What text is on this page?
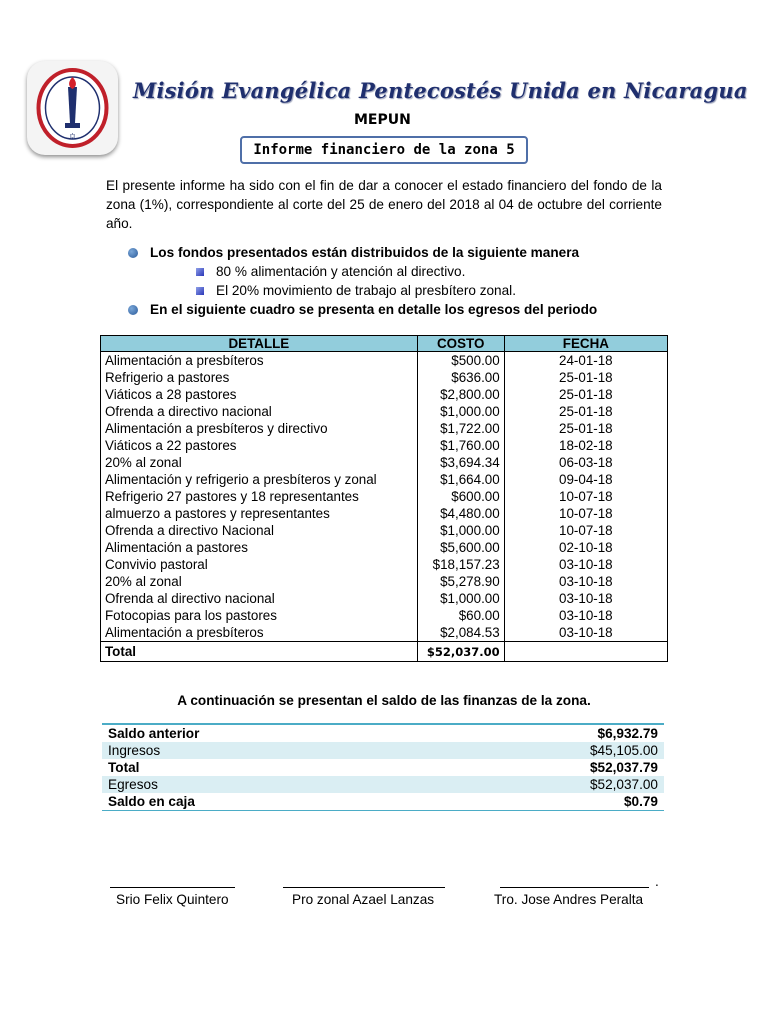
Misión Evangélica Pentecostés Unida en Nicaragua
MEPUN
Informe financiero de la zona 5
El presente informe ha sido con el fin de dar a conocer el estado financiero del fondo de la zona (1%), correspondiente al corte del 25 de enero del 2018 al 04 de octubre del corriente año.
Los fondos presentados están distribuidos de la siguiente manera
80 % alimentación y atención al directivo.
El 20% movimiento de trabajo al presbítero zonal.
En el siguiente cuadro se presenta en detalle los egresos del periodo
DETALLE	COSTO	FECHA
Alimentación a presbíteros	$500.00	24-01-18
Refrigerio a pastores	$636.00	25-01-18
Viáticos a 28 pastores	$2,800.00	25-01-18
Ofrenda a directivo nacional	$1,000.00	25-01-18
Alimentación a presbíteros y directivo	$1,722.00	25-01-18
Viáticos a 22 pastores	$1,760.00	18-02-18
20% al zonal	$3,694.34	06-03-18
Alimentación y refrigerio a presbíteros y zonal	$1,664.00	09-04-18
Refrigerio 27 pastores y 18 representantes	$600.00	10-07-18
almuerzo a pastores y representantes	$4,480.00	10-07-18
Ofrenda a directivo Nacional	$1,000.00	10-07-18
Alimentación a pastores	$5,600.00	02-10-18
Convivio pastoral	$18,157.23	03-10-18
20% al zonal	$5,278.90	03-10-18
Ofrenda al directivo nacional	$1,000.00	03-10-18
Fotocopias para los pastores	$60.00	03-10-18
Alimentación a presbíteros	$2,084.53	03-10-18
Total	$52,037.00	
A continuación se presentan el saldo de las finanzas de la zona.
Saldo anterior	$6,932.79
Ingresos	$45,105.00
Total	$52,037.79
Egresos	$52,037.00
Saldo en caja	$0.79
.
Srio Felix Quintero	Pro zonal Azael Lanzas	Tro. Jose Andres Peralta
